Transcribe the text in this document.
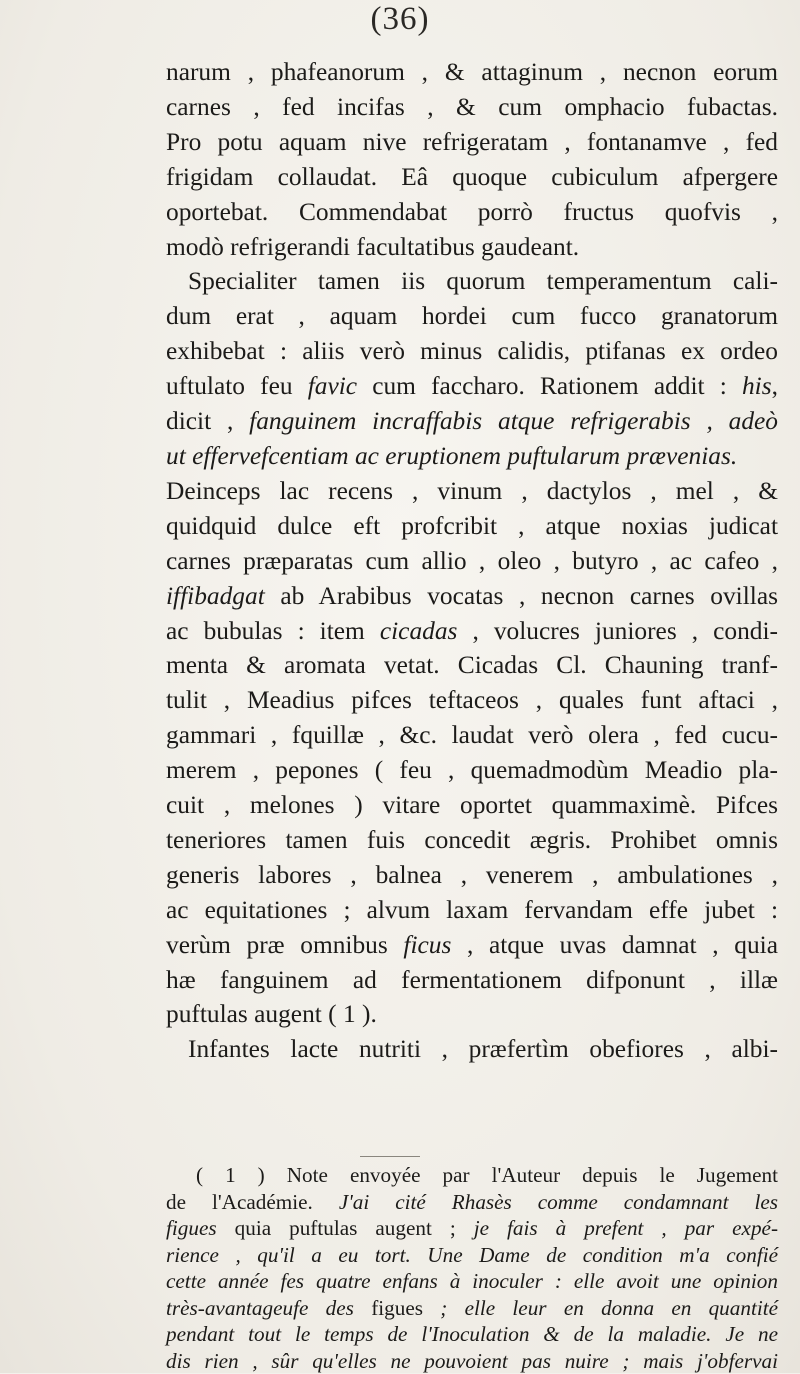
(36)
narum , phafeanorum , & attaginum , necnon eorum
carnes , fed incifas , & cum omphacio fubactas.
Pro potu aquam nive refrigeratam , fontanamve , fed
frigidam collaudat. Eâ quoque cubiculum afpergere
oportebat. Commendabat porrò fructus quofvis ,
modò refrigerandi facultatibus gaudeant.
Specialiter tamen iis quorum temperamentum cali-
dum erat , aquam hordei cum fucco granatorum
exhibebat : aliis verò minus calidis, ptifanas ex ordeo
uftulato feu favic cum faccharo. Rationem addit : his,
dicit , fanguinem incraffabis atque refrigerabis , adeò
ut effervefcentiam ac eruptionem puftularum prævenias.
Deinceps lac recens , vinum , dactylos , mel , &
quidquid dulce eft profcribit , atque noxias judicat
carnes præparatas cum allio , oleo , butyro , ac cafeo ,
iffibadgat ab Arabibus vocatas , necnon carnes ovillas
ac bubulas : item cicadas , volucres juniores , condi-
menta & aromata vetat. Cicadas Cl. Chauning tranf-
tulit , Meadius pifces teftaceos , quales funt aftaci ,
gammari , fquillæ , &c. laudat verò olera , fed cucu-
merem , pepones ( feu , quemadmodùm Meadio pla-
cuit , melones ) vitare oportet quammaximè. Pifces
teneriores tamen fuis concedit ægris. Prohibet omnis
generis labores , balnea , venerem , ambulationes ,
ac equitationes ; alvum laxam fervandam effe jubet :
verùm præ omnibus ficus , atque uvas damnat , quia
hæ fanguinem ad fermentationem difponunt , illæ
puftulas augent ( 1 ).
Infantes lacte nutriti , præfertìm obefiores , albi-
( 1 ) Note envoyée par l'Auteur depuis le Jugement
de l'Académie. J'ai cité Rhasès comme condamnant les
figues quia puftulas augent ; je fais à prefent , par expé-
rience , qu'il a eu tort. Une Dame de condition m'a confié
cette année fes quatre enfans à inoculer : elle avoit une opinion
très-avantageufe des figues ; elle leur en donna en quantité
pendant tout le temps de l'Inoculation & de la maladie. Je ne
dis rien , sûr qu'elles ne pouvoient pas nuire ; mais j'obfervai
